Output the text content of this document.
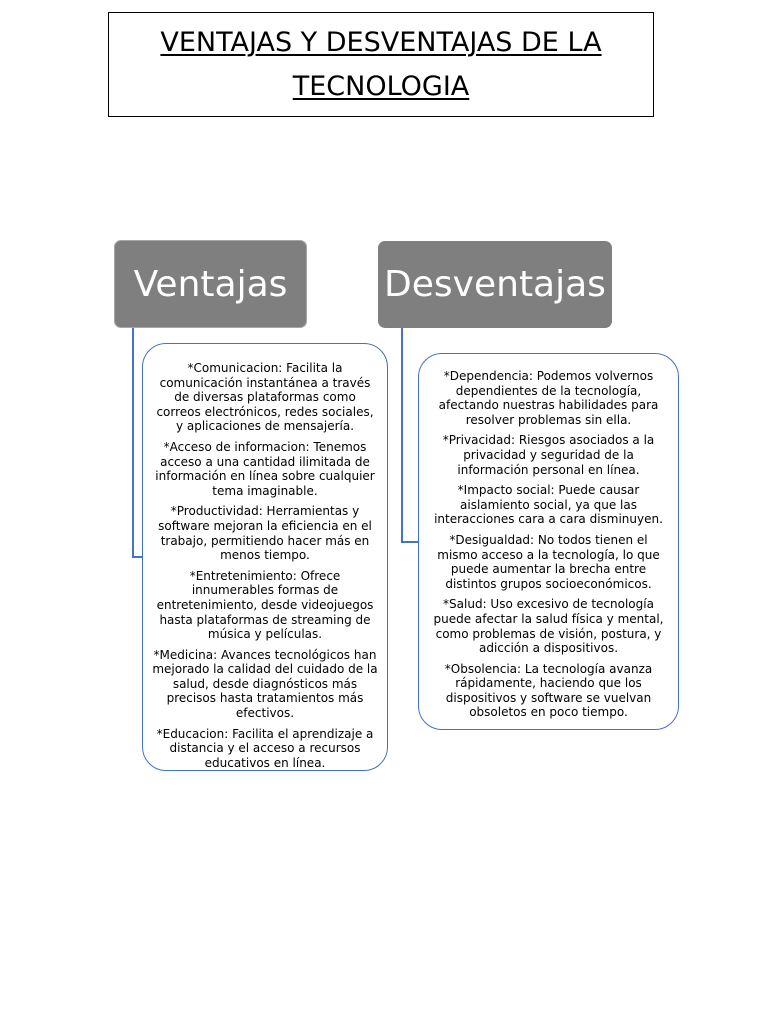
VENTAJAS Y DESVENTAJAS DE LA TECNOLOGIA
Ventajas	Desventajas
*Comunicacion: Facilita la comunicación instantánea a través de diversas plataformas como correos electrónicos, redes sociales, y aplicaciones de mensajería.
*Acceso de informacion: Tenemos acceso a una cantidad ilimitada de información en línea sobre cualquier tema imaginable.
*Productividad: Herramientas y software mejoran la eficiencia en el trabajo, permitiendo hacer más en menos tiempo.
*Entretenimiento: Ofrece innumerables formas de entretenimiento, desde videojuegos hasta plataformas de streaming de música y películas.
*Medicina: Avances tecnológicos han mejorado la calidad del cuidado de la salud, desde diagnósticos más precisos hasta tratamientos más efectivos.
*Educacion: Facilita el aprendizaje a distancia y el acceso a recursos educativos en línea.
*Dependencia: Podemos volvernos dependientes de la tecnología, afectando nuestras habilidades para resolver problemas sin ella.
*Privacidad: Riesgos asociados a la privacidad y seguridad de la información personal en línea.
*Impacto social: Puede causar aislamiento social, ya que las interacciones cara a cara disminuyen.
*Desigualdad: No todos tienen el mismo acceso a la tecnología, lo que puede aumentar la brecha entre distintos grupos socioeconómicos.
*Salud: Uso excesivo de tecnología puede afectar la salud física y mental, como problemas de visión, postura, y adicción a dispositivos.
*Obsolencia: La tecnología avanza rápidamente, haciendo que los dispositivos y software se vuelvan obsoletos en poco tiempo.
